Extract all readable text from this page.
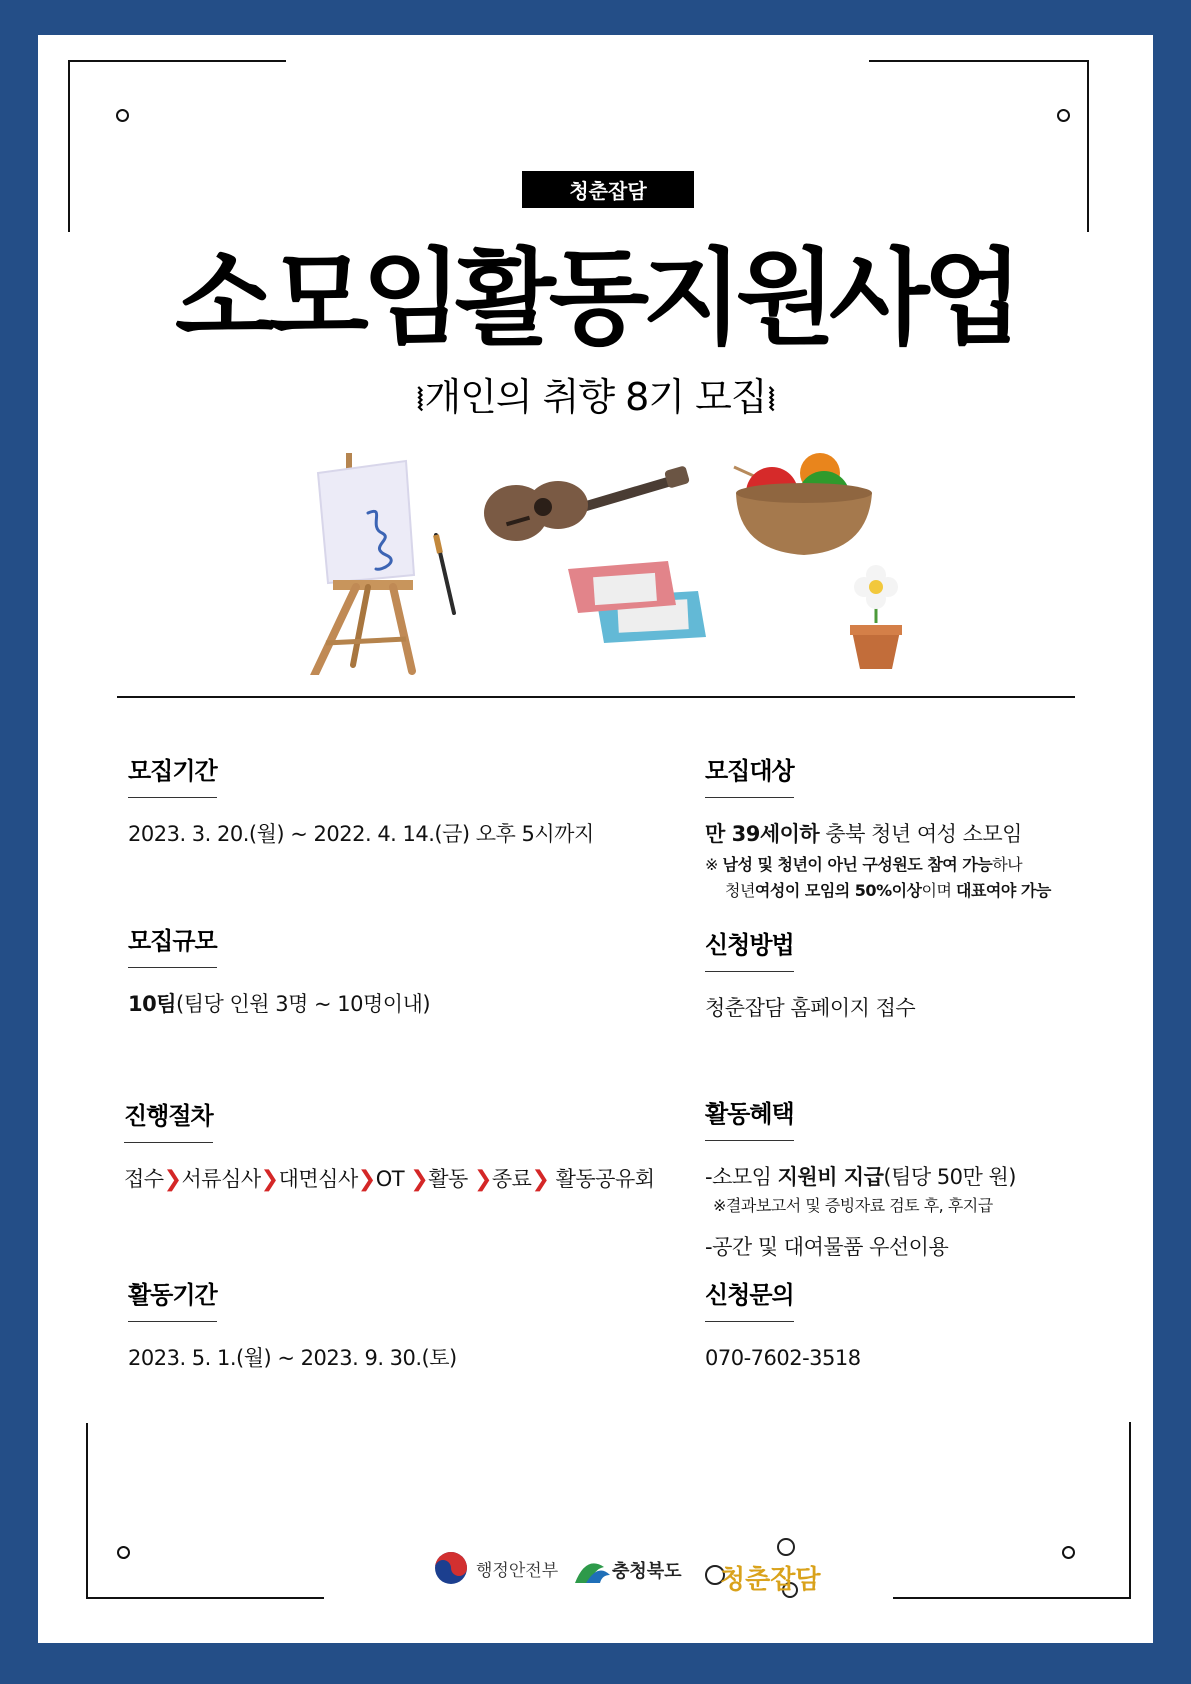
청춘잡담
소모임활동지원사업
⦚개인의 취향 8기 모집⦚
모집기간
2023. 3. 20.(월) ~ 2022. 4. 14.(금) 오후 5시까지
모집대상
만 39세이하 충북 청년 여성 소모임
※ 남성 및 청년이 아닌 구성원도 참여 가능하나
청년여성이 모임의 50%이상이며 대표여야 가능
모집규모
10팀(팀당 인원 3명 ~ 10명이내)
신청방법
청춘잡담 홈페이지 접수
진행절차
접수❯서류심사❯대면심사❯OT ❯활동 ❯종료❯ 활동공유회
활동혜택
-소모임 지원비 지급(팀당 50만 원)
※결과보고서 및 증빙자료 검토 후, 후지급
-공간 및 대여물품 우선이용
활동기간
2023. 5. 1.(월) ~ 2023. 9. 30.(토)
신청문의
070-7602-3518
행정안전부	충청북도 청춘잡담
